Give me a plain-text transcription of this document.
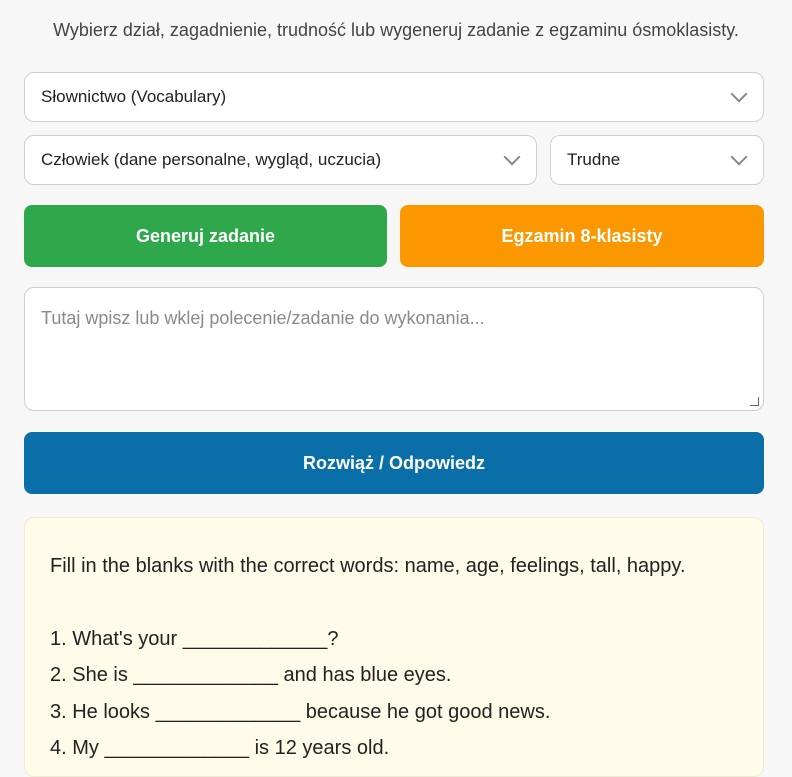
Wybierz dział, zagadnienie, trudność lub wygeneruj zadanie z egzaminu ósmoklasisty.
Słownictwo (Vocabulary)
Człowiek (dane personalne, wygląd, uczucia)	Trudne
Generuj zadanie	Egzamin 8-klasisty
Tutaj wpisz lub wklej polecenie/zadanie do wykonania...
Rozwiąż / Odpowiedz
Fill in the blanks with the correct words: name, age, feelings, tall, happy.
1. What's your _____________?
2. She is _____________ and has blue eyes.
3. He looks _____________ because he got good news.
4. My _____________ is 12 years old.
